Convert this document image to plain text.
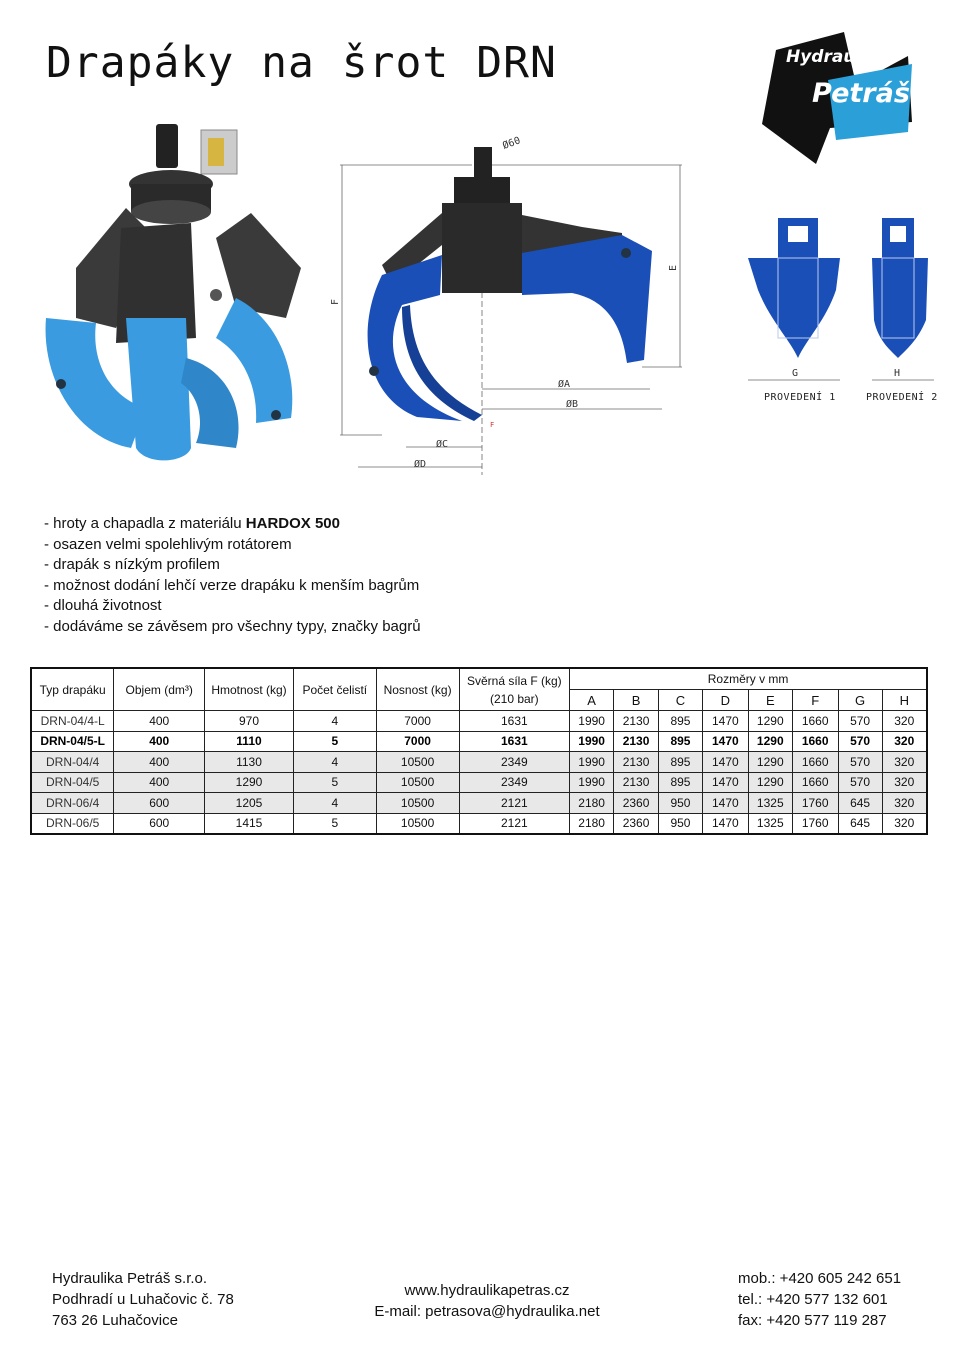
Drapáky na šrot DRN	Hydraulika
Petráš
Ø60
ØA
ØB
ØC
ØD
E
F
F
G	H
PROVEDENÍ 1	PROVEDENÍ 2
- hroty a chapadla z materiálu HARDOX 500
- osazen velmi spolehlivým rotátorem
- drapák s nízkým profilem
- možnost dodání lehčí verze drapáku k menším bagrům
- dlouhá životnost
- dodáváme se závěsem pro všechny typy, značky bagrů
Typ drapáku	Objem (dm³)	Hmotnost (kg)	Počet čelistí	Nosnost (kg)	Svěrná síla F (kg)
(210 bar)	Rozměry v mm							
						A	B	C	D	E	F	G	H
DRN-04/4-L	400	970	4	7000	1631	1990	2130	895	1470	1290	1660	570	320
DRN-04/5-L	400	1110	5	7000	1631	1990	2130	895	1470	1290	1660	570	320
DRN-04/4	400	1130	4	10500	2349	1990	2130	895	1470	1290	1660	570	320
DRN-04/5	400	1290	5	10500	2349	1990	2130	895	1470	1290	1660	570	320
DRN-06/4	600	1205	4	10500	2121	2180	2360	950	1470	1325	1760	645	320
DRN-06/5	600	1415	5	10500	2121	2180	2360	950	1470	1325	1760	645	320
Hydraulika Petráš s.r.o.
Podhradí u Luhačovic č. 78
763 26 Luhačovice
www.hydraulikapetras.cz
E-mail: petrasova@hydraulika.net
mob.: +420 605 242 651
tel.: +420 577 132 601
fax: +420 577 119 287
